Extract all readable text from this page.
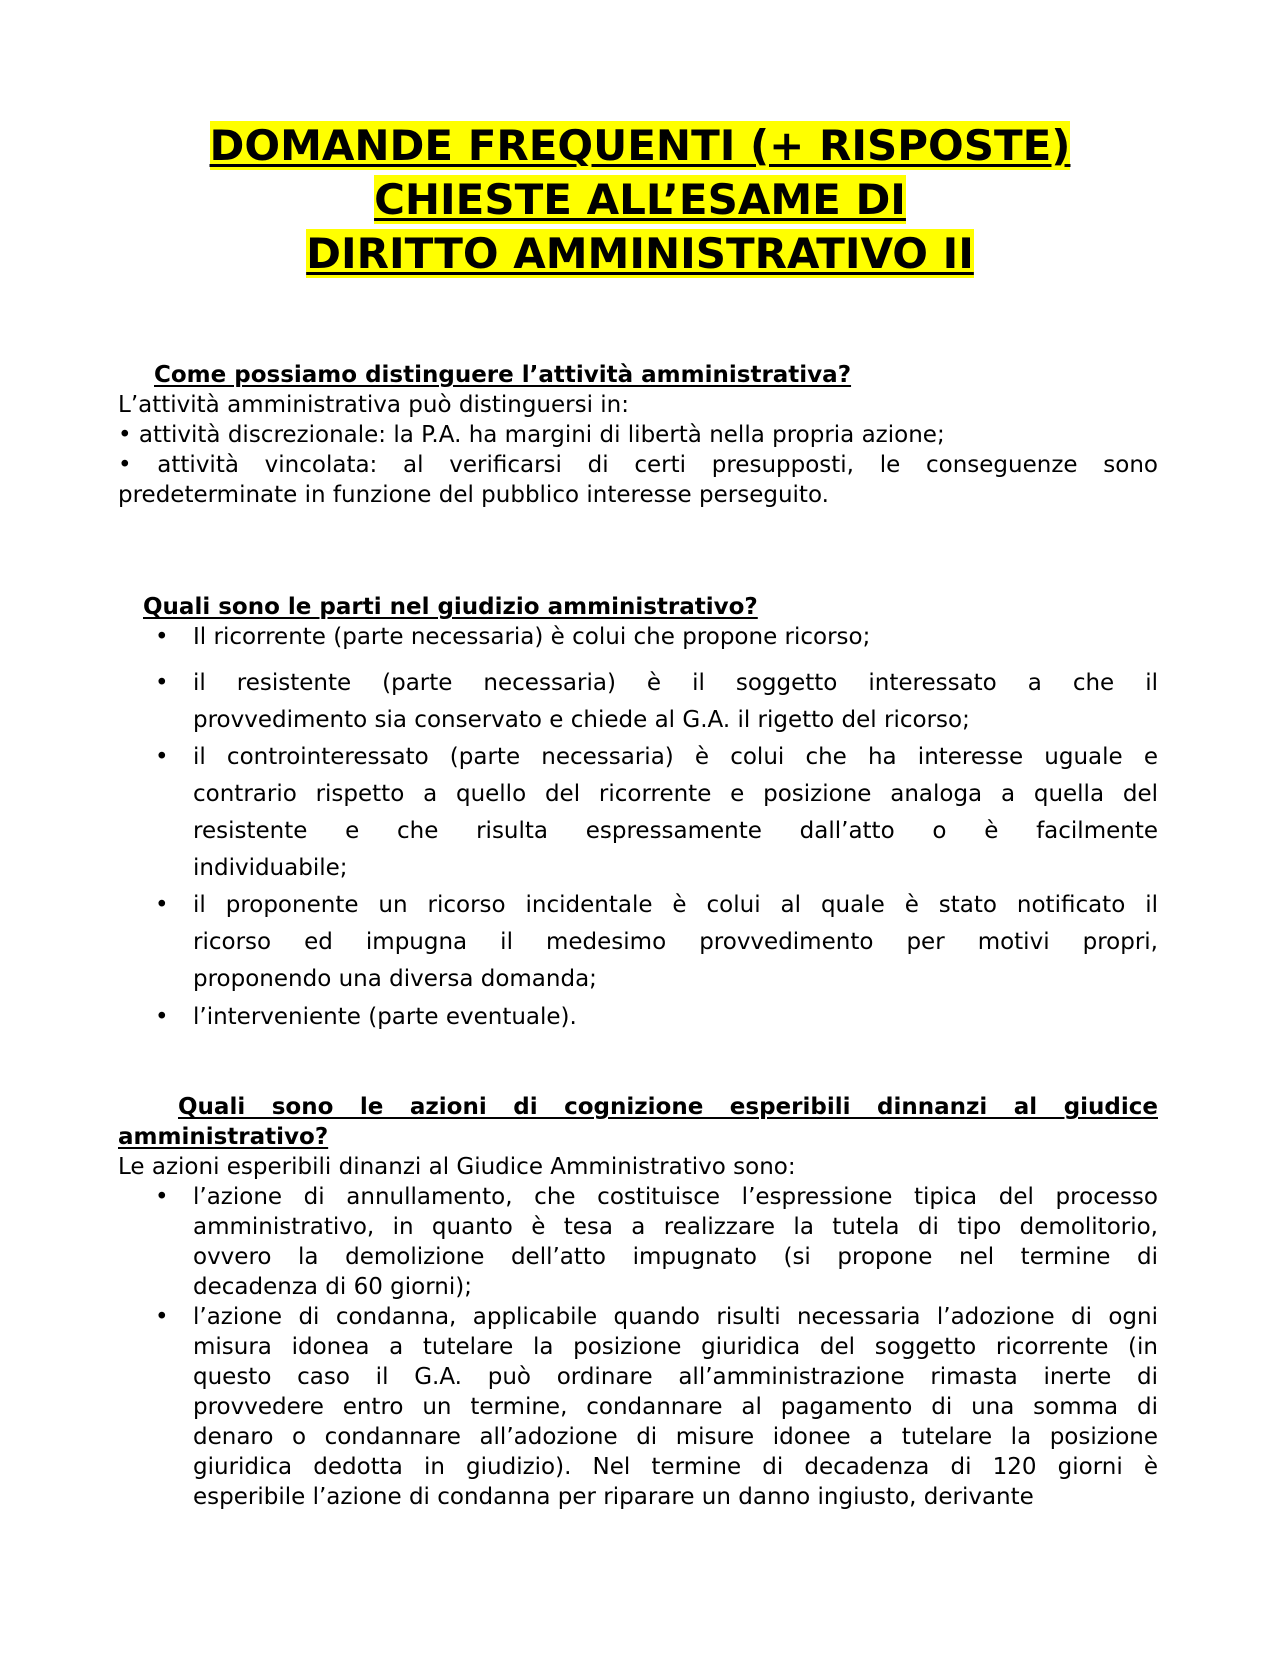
DOMANDE FREQUENTI (+ RISPOSTE)
CHIESTE ALL’ESAME DI
DIRITTO AMMINISTRATIVO II
Come possiamo distinguere l’attività amministrativa?
L’attività amministrativa può distinguersi in:
• attività discrezionale: la P.A. ha margini di libertà nella propria azione;
• attività vincolata: al verificarsi di certi presupposti, le conseguenze sono
predeterminate in funzione del pubblico interesse perseguito.
Quali sono le parti nel giudizio amministrativo?
• Il ricorrente (parte necessaria) è colui che propone ricorso;
• il resistente (parte necessaria) è il soggetto interessato a che il
provvedimento sia conservato e chiede al G.A. il rigetto del ricorso;
• il controinteressato (parte necessaria) è colui che ha interesse uguale e
contrario rispetto a quello del ricorrente e posizione analoga a quella del
resistente e che risulta espressamente dall’atto o è facilmente
individuabile;
• il proponente un ricorso incidentale è colui al quale è stato notificato il
ricorso ed impugna il medesimo provvedimento per motivi propri,
proponendo una diversa domanda;
• l’interveniente (parte eventuale).
Quali sono le azioni di cognizione esperibili dinnanzi al giudice
amministrativo?
Le azioni esperibili dinanzi al Giudice Amministrativo sono:
• l’azione di annullamento, che costituisce l’espressione tipica del processo
amministrativo, in quanto è tesa a realizzare la tutela di tipo demolitorio,
ovvero la demolizione dell’atto impugnato (si propone nel termine di
decadenza di 60 giorni);
• l’azione di condanna, applicabile quando risulti necessaria l’adozione di ogni
misura idonea a tutelare la posizione giuridica del soggetto ricorrente (in
questo caso il G.A. può ordinare all’amministrazione rimasta inerte di
provvedere entro un termine, condannare al pagamento di una somma di
denaro o condannare all’adozione di misure idonee a tutelare la posizione
giuridica dedotta in giudizio). Nel termine di decadenza di 120 giorni è
esperibile l’azione di condanna per riparare un danno ingiusto, derivante
